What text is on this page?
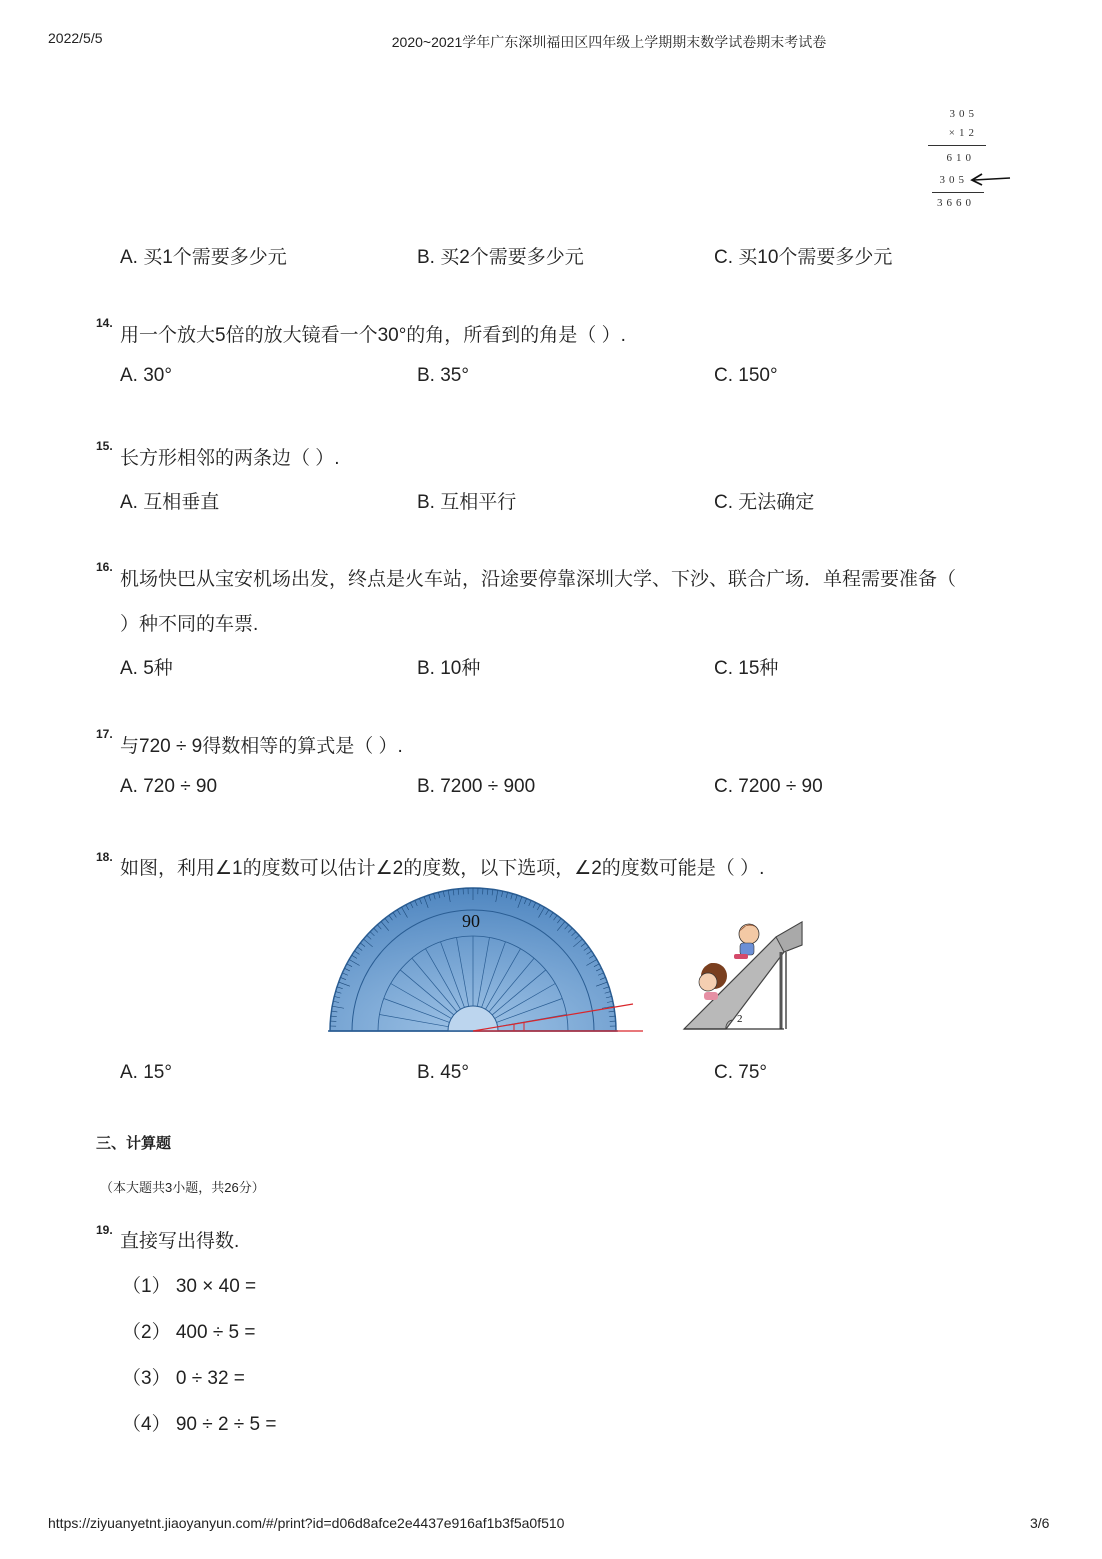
2022/5/5	2020~2021学年广东深圳福田区四年级上学期期末数学试卷期末考试卷
305
×12
610
305
3660
A. 买1个需要多少元	B. 买2个需要多少元	C. 买10个需要多少元
14.
用一个放大5倍的放大镜看一个30°的角，所看到的角是（ ）.
A. 30°	B. 35°	C. 150°
15.
长方形相邻的两条边（ ）.
A. 互相垂直	B. 互相平行	C. 无法确定
16.
机场快巴从宝安机场出发，终点是火车站，沿途要停靠深圳大学、下沙、联合广场．单程需要准备（
）种不同的车票.
A. 5种	B. 10种	C. 15种
17.
与720 ÷ 9得数相等的算式是（ ）.
A. 720 ÷ 90	B. 7200 ÷ 900	C. 7200 ÷ 90
18.
如图，利用∠1的度数可以估计∠2的度数，以下选项，∠2的度数可能是（ ）.
90
2
A. 15°	B. 45°	C. 75°
三、计算题
（本大题共3小题，共26分）
19.
直接写出得数.
（1） 30 × 40 =
（2） 400 ÷ 5 =
（3） 0 ÷ 32 =
（4） 90 ÷ 2 ÷ 5 =
https://ziyuanyetnt.jiaoyanyun.com/#/print?id=d06d8afce2e4437e916af1b3f5a0f510	3/6
